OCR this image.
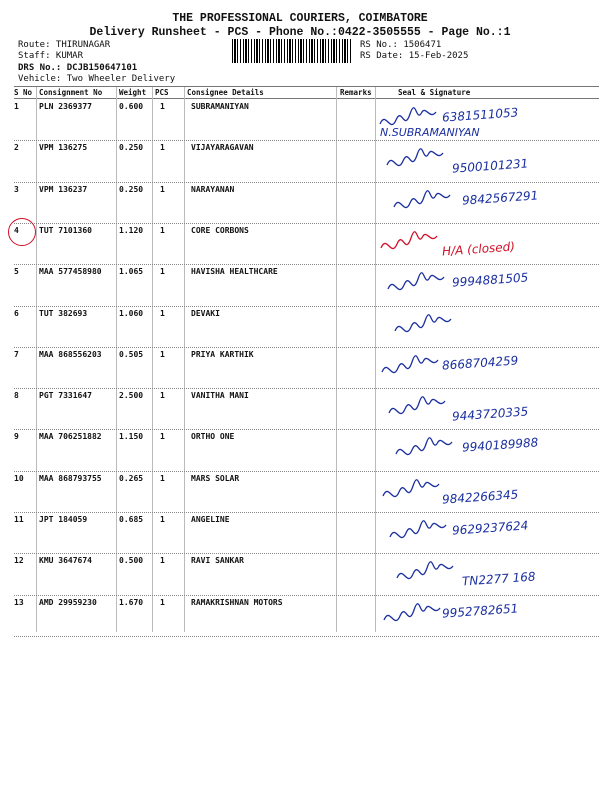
THE PROFESSIONAL COURIERS, COIMBATORE
Delivery Runsheet - PCS - Phone No.:0422-3505555 - Page No.:1
Route: THIRUNAGAR
Staff: KUMAR
DRS No.: DCJB150647101
Vehicle: Two Wheeler Delivery
RS No.: 1506471
RS Date: 15-Feb-2025
S No Consignment No Weight PCS Consignee Details	Remarks	Seal & Signature
1	PLN 2369377	0.600 1	SUBRAMANIYAN	6381511053
N.SUBRAMANIYAN
2	VPM 136275	0.250 1	VIJAYARAGAVAN
9500101231
3	VPM 136237	0.250 1	NARAYANAN	9842567291
4	TUT 7101360	1.120 1	CORE CORBONS
H/A (closed)
5	MAA 577458980 1.065 1	HAVISHA HEALTHCARE	9994881505
6	TUT 382693	1.060 1	DEVAKI
7	MAA 868556203 0.505 1	PRIYA KARTHIK	8668704259
8	PGT 7331647	2.500 1	VANITHA MANI
9443720335
9	MAA 706251882 1.150 1	ORTHO ONE	9940189988
10 MAA 868793755 0.265 1	MARS SOLAR
9842266345
11 JPT 184059	0.685 1	ANGELINE	9629237624
12 KMU 3647674	0.500 1	RAVI SANKAR
TN2277 168
13 AMD 29959230	1.670 1	RAMAKRISHNAN MOTORS	9952782651
